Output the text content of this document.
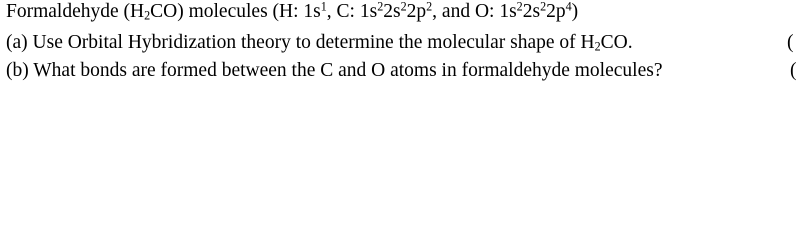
Formaldehyde $(H_2CO)$ molecules (H: $1s^1$, C: $1s^22s^22p^2$, and O: $1s^22s^22p^4$)
(a) Use Orbital Hybridization theory to determine the molecular shape of $H_2CO$.	(
(b) What bonds are formed between the C and O atoms in formaldehyde molecules?	(
